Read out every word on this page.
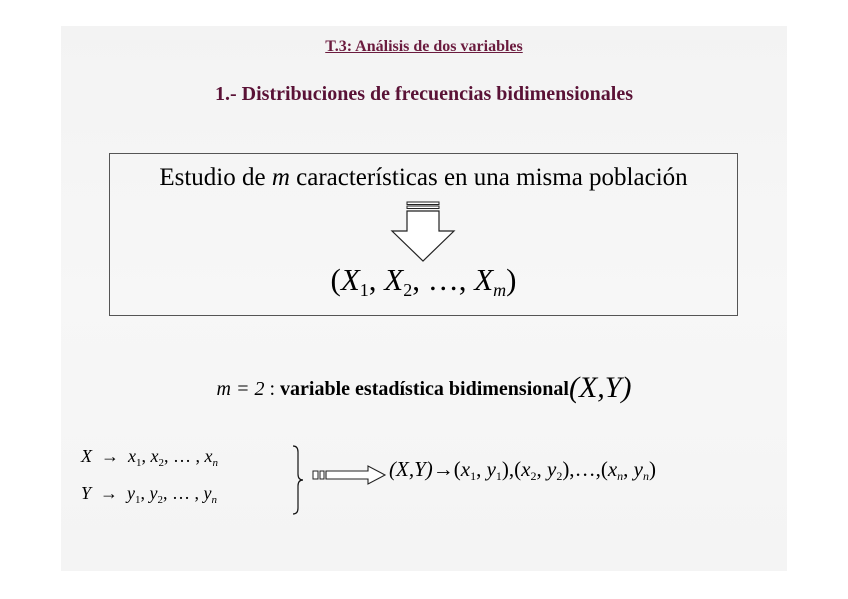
T.3: Análisis de dos variables
1.- Distribuciones de frecuencias bidimensionales
Estudio de m características en una misma población
($X_1$, $X_2$, …, $X_m$)
m = 2 : variable estadística bidimensional(X,Y)
$X \to x_1$, $x_2$, … , $x_n$
$Y \to y_1$, $y_2$, … , $y_n$
$(X,Y)\to(x_1$, $y_1),(x_2$, $y_2),\dots,(x_n$, $y_n$)
